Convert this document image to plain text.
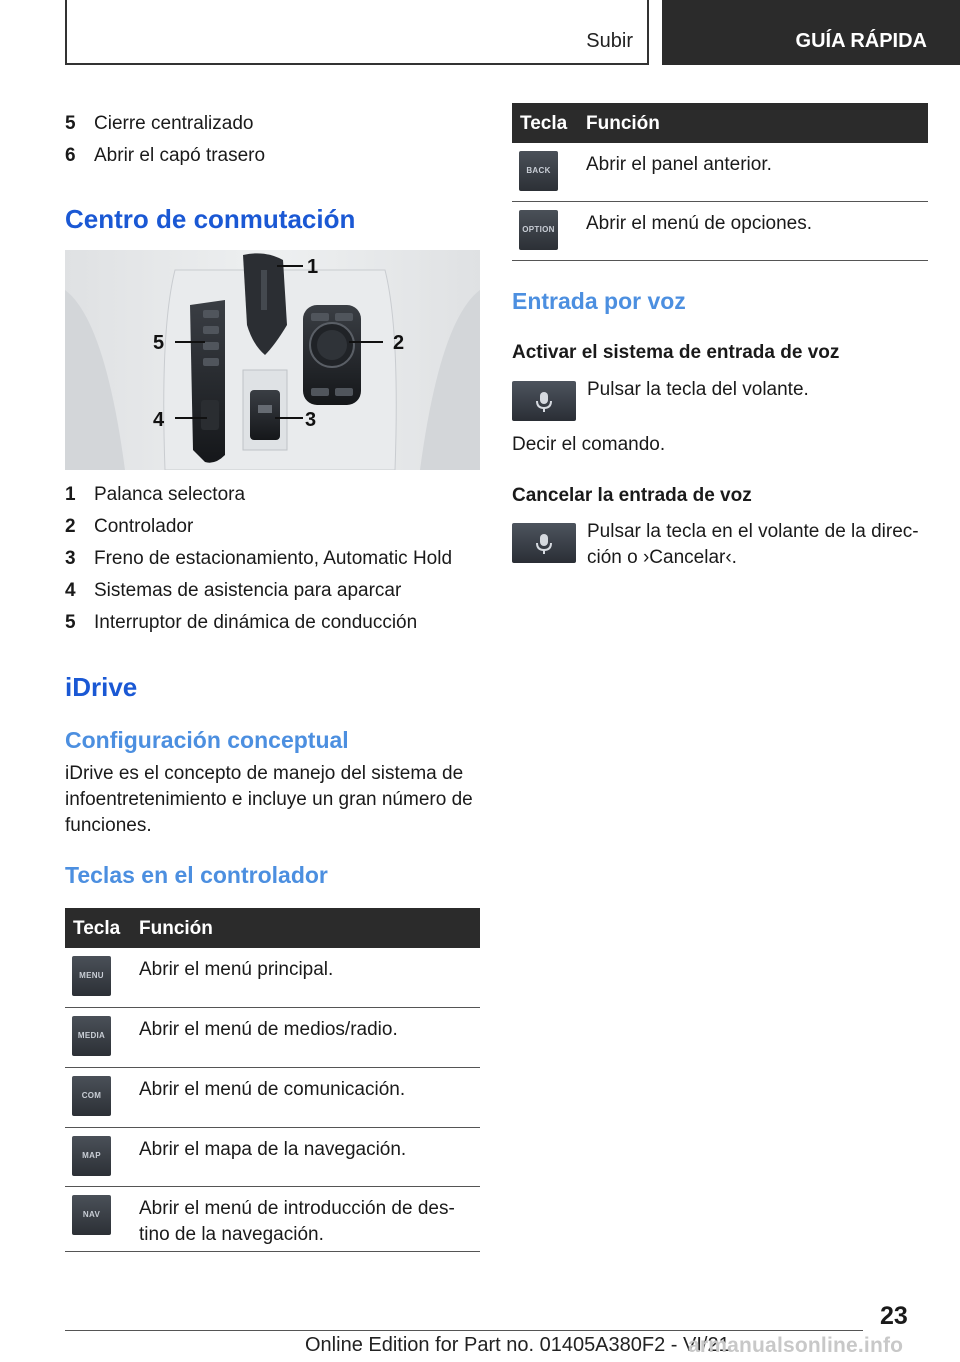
Subir	GUÍA RÁPIDA
5 Cierre centralizado
6 Abrir el capó trasero
Centro de conmutación
1
2
3
4
5
1 Palanca selectora
2 Controlador
3 Freno de estacionamiento, Automatic Hold
4 Sistemas de asistencia para aparcar
5 Interruptor de dinámica de conducción
iDrive
Configuración conceptual
iDrive es el concepto de manejo del sistema de infoentretenimiento e incluye un gran número de funciones.
Teclas en el controlador
Tecla Función
MENU	Abrir el menú principal.
MEDIA	Abrir el menú de medios/radio.
COM	Abrir el menú de comunicación.
MAP	Abrir el mapa de la navegación.
NAV	Abrir el menú de introducción de des-tino de la navegación.
Tecla Función
BACK	Abrir el panel anterior.
OPTION Abrir el menú de opciones.
Entrada por voz
Activar el sistema de entrada de voz
Pulsar la tecla del volante.
Decir el comando.
Cancelar la entrada de voz
Pulsar la tecla en el volante de la direc-ción o ›Cancelar‹.
23
Online Edition for Part no. 01405A380F2 - VI/21
armanualsonline.info
